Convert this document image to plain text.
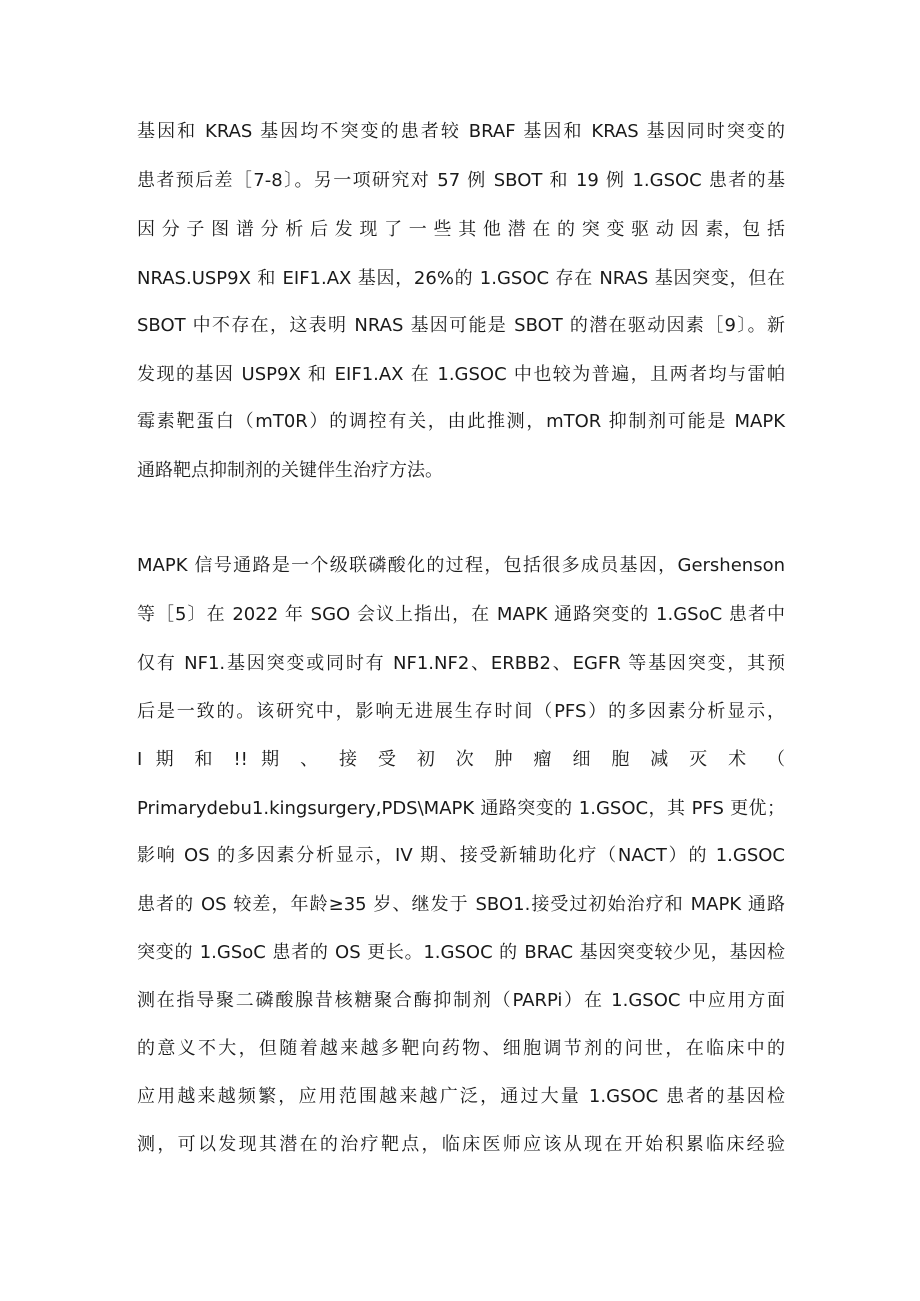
基因和 KRAS 基因均不突变的患者较 BRAF 基因和 KRAS 基因同时突变的
患者预后差［7-8〕。另一项研究对 57 例 SBOT 和 19 例 1.GSOC 患者的基
因 分 子 图 谱 分 析 后 发 现 了 一 些 其 他 潜 在 的 突 变 驱 动 因 素，包 括
NRAS.USP9X 和 EIF1.AX 基因，26%的 1.GSOC 存在 NRAS 基因突变，但在
SBOT 中不存在，这表明 NRAS 基因可能是 SBOT 的潜在驱动因素［9〕。新
发现的基因 USP9X 和 EIF1.AX 在 1.GSOC 中也较为普遍，且两者均与雷帕
霉素靶蛋白（mT0R）的调控有关，由此推测，mTOR 抑制剂可能是 MAPK
通路靶点抑制剂的关键伴生治疗方法。
MAPK 信号通路是一个级联磷酸化的过程，包括很多成员基因，Gershenson
等［5〕在 2022 年 SGO 会议上指出，在 MAPK 通路突变的 1.GSoC 患者中
仅有 NF1.基因突变或同时有 NF1.NF2、ERBB2、EGFR 等基因突变，其预
后是一致的。该研究中，影响无进展生存时间（PFS）的多因素分析显示，
I 期 和 !! 期 、 接 受 初 次 肿 瘤 细 胞 减 灭 术 （
Primarydebu1.kingsurgery,PDS\MAPK 通路突变的 1.GSOC，其 PFS 更优；
影响 OS 的多因素分析显示，IV 期、接受新辅助化疗（NACT）的 1.GSOC
患者的 OS 较差，年龄≥35 岁、继发于 SBO1.接受过初始治疗和 MAPK 通路
突变的 1.GSoC 患者的 OS 更长。1.GSOC 的 BRAC 基因突变较少见，基因检
测在指导聚二磷酸腺昔核糖聚合酶抑制剂（PARPi）在 1.GSOC 中应用方面
的意义不大，但随着越来越多靶向药物、细胞调节剂的问世，在临床中的
应用越来越频繁，应用范围越来越广泛，通过大量 1.GSOC 患者的基因检
测，可以发现其潜在的治疗靶点，临床医师应该从现在开始积累临床经验
